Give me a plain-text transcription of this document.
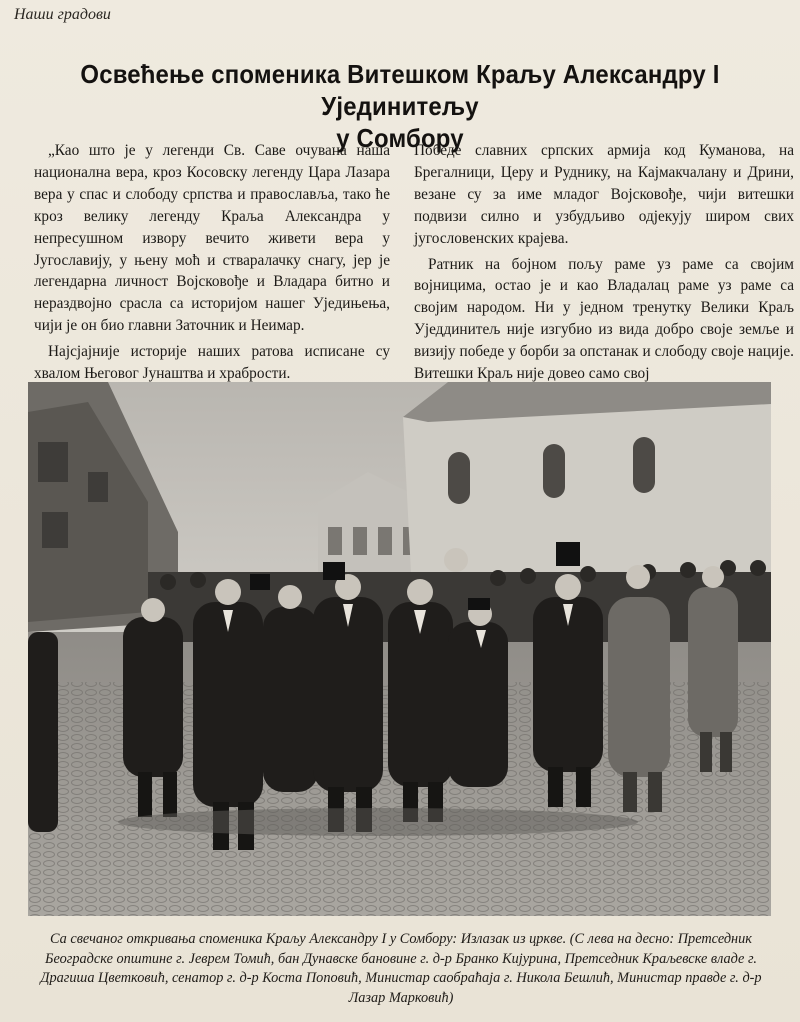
Наши градови
Освећење споменика Витешком Краљу Александру I Ујединитељу
у Сомбору

„Као што је у легенди Св. Саве очувана наша национална вера, кроз Косовску легенду Цара Лазара вера у спас и слободу српства и православља, тако ће кроз велику легенду Краља Александра у непресушном извору вечито живети вера у Југославију, у њену моћ и стваралачку снагу, јер је легендарна личност Војсковође и Владара битно и нераздвојно срасла са историјом нашег Уједињења, чији је он био главни Заточник и Неимар.

Најсјајније историје наших ратова исписане су хвалом Његовог Јунаштва и храбрости.

Победе славних српских армија код Куманова, на Брегалници, Церу и Руднику, на Кајмакчалану и Дрини, везане су за име младог Војсковође, чији витешки подвизи силно и узбудљиво одјекују широм свих југословенских крајева.

Ратник на бојном пољу раме уз раме са својим војницима, остао је и као Владалац раме уз раме са својим народом. Ни у једном тренутку Велики Краљ Уједдинитељ није изгубио из вида добро своје земље и визију победе у борби за опстанак и слободу своје нације. Витешки Краљ није довео само свој

Са свечаног откривања споменика Краљу Александру I у Сомбору: Излазак из цркве. (С лева на десно: Претседник Београдске општине г. Јеврем Томић, бан Дунавске бановине г. д-р Бранко Кијурина, Претседник Краљевске владе г. Драгиша Цветковић, сенатор г. д-р Коста Поповић, Министар саобраћаја г. Никола Бешлић, Министар правде г. д-р Лазар Марковић)
